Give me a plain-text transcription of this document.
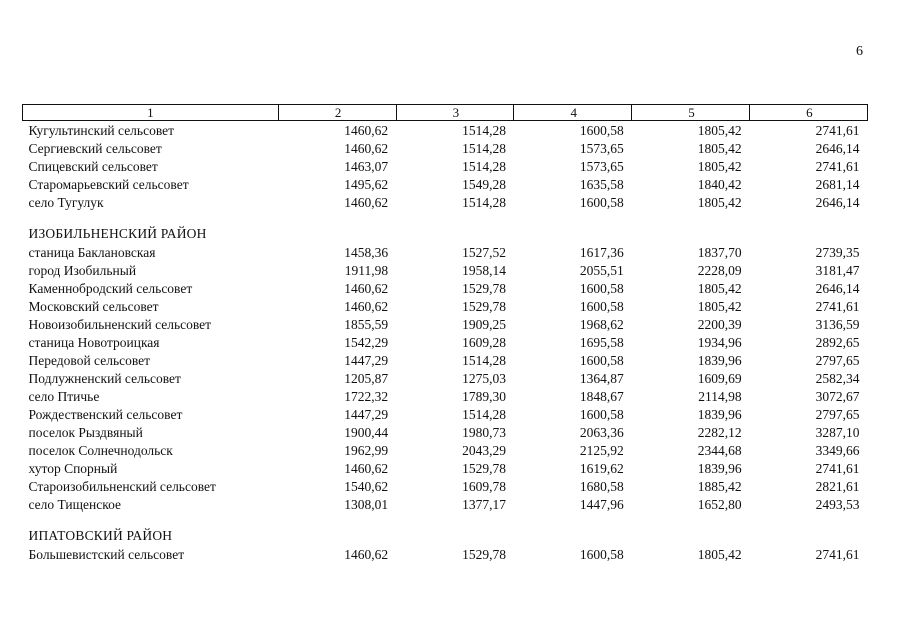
6
1	2	3	4	5	6
Кугультинский сельсовет	1460,62	1514,28	1600,58	1805,42	2741,61
Сергиевский сельсовет	1460,62	1514,28	1573,65	1805,42	2646,14
Спицевский сельсовет	1463,07	1514,28	1573,65	1805,42	2741,61
Старомарьевский сельсовет	1495,62	1549,28	1635,58	1840,42	2681,14
село Тугулук	1460,62	1514,28	1600,58	1805,42	2646,14

ИЗОБИЛЬНЕНСКИЙ РАЙОН					
станица Баклановская	1458,36	1527,52	1617,36	1837,70	2739,35
город Изобильный	1911,98	1958,14	2055,51	2228,09	3181,47
Каменнобродский сельсовет	1460,62	1529,78	1600,58	1805,42	2646,14
Московский сельсовет	1460,62	1529,78	1600,58	1805,42	2741,61
Новоизобильненский сельсовет	1855,59	1909,25	1968,62	2200,39	3136,59
станица Новотроицкая	1542,29	1609,28	1695,58	1934,96	2892,65
Передовой сельсовет	1447,29	1514,28	1600,58	1839,96	2797,65
Подлужненский сельсовет	1205,87	1275,03	1364,87	1609,69	2582,34
село Птичье	1722,32	1789,30	1848,67	2114,98	3072,67
Рождественский сельсовет	1447,29	1514,28	1600,58	1839,96	2797,65
поселок Рыздвяный	1900,44	1980,73	2063,36	2282,12	3287,10
поселок Солнечнодольск	1962,99	2043,29	2125,92	2344,68	3349,66
хутор Спорный	1460,62	1529,78	1619,62	1839,96	2741,61
Староизобильненский сельсовет	1540,62	1609,78	1680,58	1885,42	2821,61
село Тищенское	1308,01	1377,17	1447,96	1652,80	2493,53

ИПАТОВСКИЙ РАЙОН					
Большевистский сельсовет	1460,62	1529,78	1600,58	1805,42	2741,61
